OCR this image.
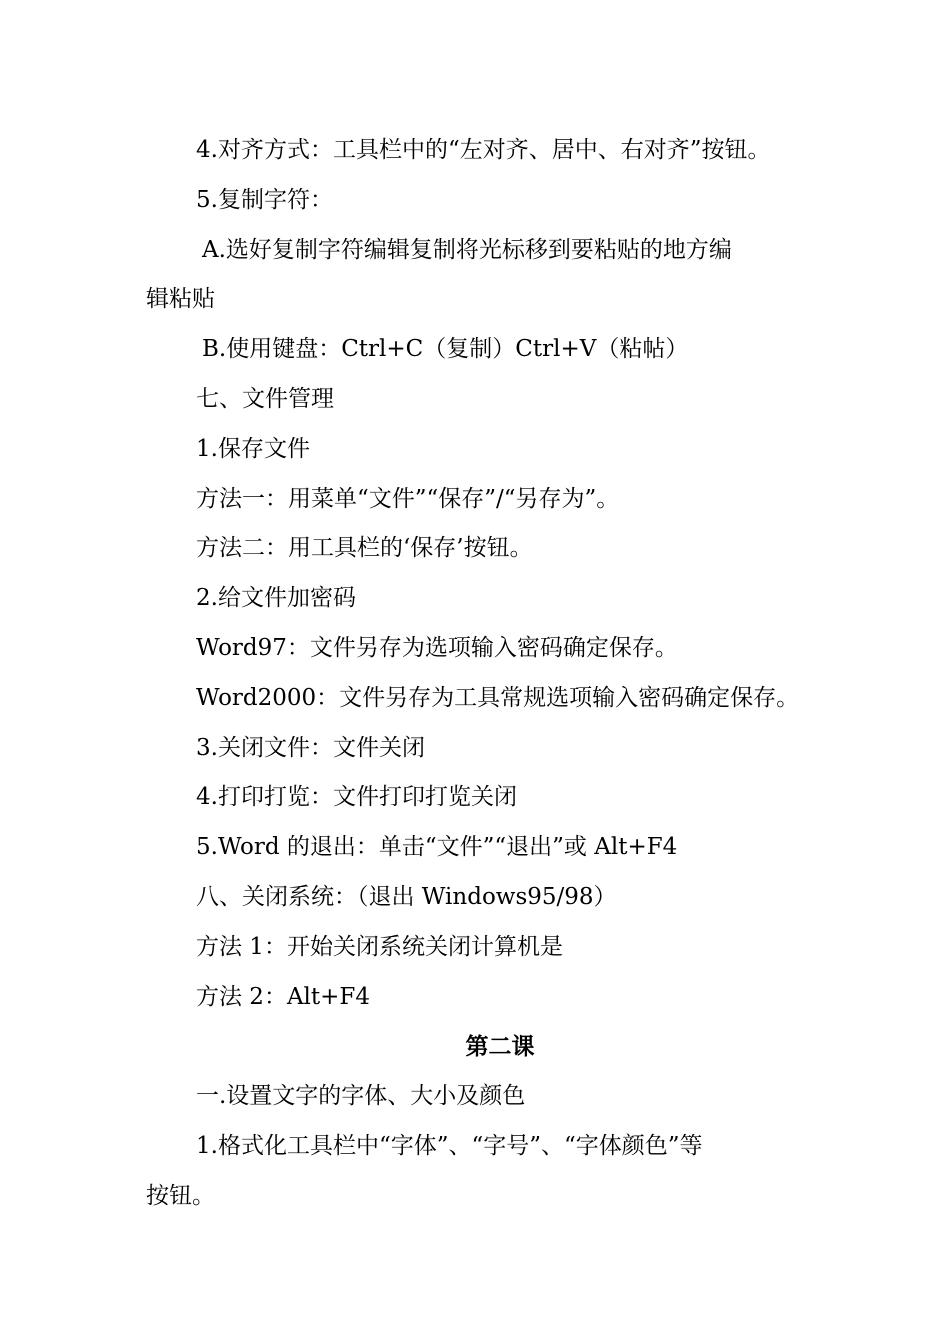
4.对齐方式：工具栏中的“左对齐、居中、右对齐”按钮。
5.复制字符：
A.选好复制字符编辑复制将光标移到要粘贴的地方编
辑粘贴
B.使用键盘：Ctrl+C（复制）Ctrl+V（粘帖）
七、文件管理
1.保存文件
方法一：用菜单“文件”“保存”/“另存为”。
方法二：用工具栏的‘保存’按钮。
2.给文件加密码
Word97：文件另存为选项输入密码确定保存。
Word2000：文件另存为工具常规选项输入密码确定保存。
3.关闭文件：文件关闭
4.打印打览：文件打印打览关闭
5.Word 的退出：单击“文件”“退出”或 Alt+F4
八、关闭系统：（退出 Windows95/98）
方法 1：开始关闭系统关闭计算机是
方法 2：Alt+F4
第二课
一.设置文字的字体、大小及颜色
1.格式化工具栏中“字体”、“字号”、“字体颜色”等
按钮。
